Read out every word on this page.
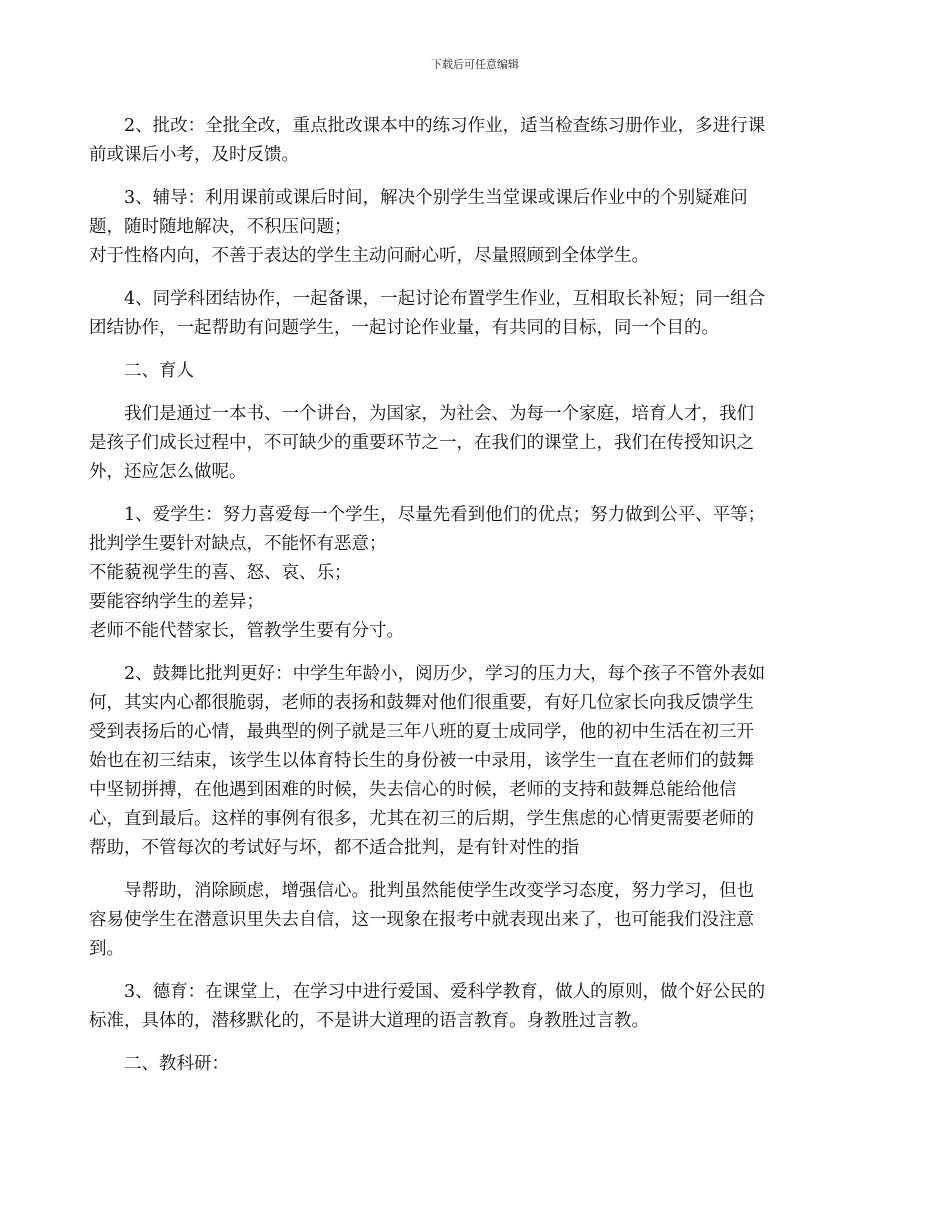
下载后可任意编辑
2、批改：全批全改，重点批改课本中的练习作业，适当检查练习册作业，多进行课
前或课后小考，及时反馈。
3、辅导：利用课前或课后时间，解决个别学生当堂课或课后作业中的个别疑难问
题，随时随地解决，不积压问题；
对于性格内向，不善于表达的学生主动问耐心听，尽量照顾到全体学生。
4、同学科团结协作，一起备课，一起讨论布置学生作业，互相取长补短；同一组合
团结协作，一起帮助有问题学生，一起讨论作业量，有共同的目标，同一个目的。
二、育人
我们是通过一本书、一个讲台，为国家，为社会、为每一个家庭，培育人才，我们
是孩子们成长过程中，不可缺少的重要环节之一，在我们的课堂上，我们在传授知识之
外，还应怎么做呢。
1、爱学生：努力喜爱每一个学生，尽量先看到他们的优点；努力做到公平、平等；
批判学生要针对缺点，不能怀有恶意；
不能藐视学生的喜、怒、哀、乐；
要能容纳学生的差异；
老师不能代替家长，管教学生要有分寸。
2、鼓舞比批判更好：中学生年龄小，阅历少，学习的压力大，每个孩子不管外表如
何，其实内心都很脆弱，老师的表扬和鼓舞对他们很重要，有好几位家长向我反馈学生
受到表扬后的心情，最典型的例子就是三年八班的夏士成同学，他的初中生活在初三开
始也在初三结束，该学生以体育特长生的身份被一中录用，该学生一直在老师们的鼓舞
中坚韧拼搏，在他遇到困难的时候，失去信心的时候，老师的支持和鼓舞总能给他信
心，直到最后。这样的事例有很多，尤其在初三的后期，学生焦虑的心情更需要老师的
帮助，不管每次的考试好与坏，都不适合批判，是有针对性的指
导帮助，消除顾虑，增强信心。批判虽然能使学生改变学习态度，努力学习，但也
容易使学生在潜意识里失去自信，这一现象在报考中就表现出来了，也可能我们没注意
到。
3、德育：在课堂上，在学习中进行爱国、爱科学教育，做人的原则，做个好公民的
标准，具体的，潜移默化的，不是讲大道理的语言教育。身教胜过言教。
二、教科研：
